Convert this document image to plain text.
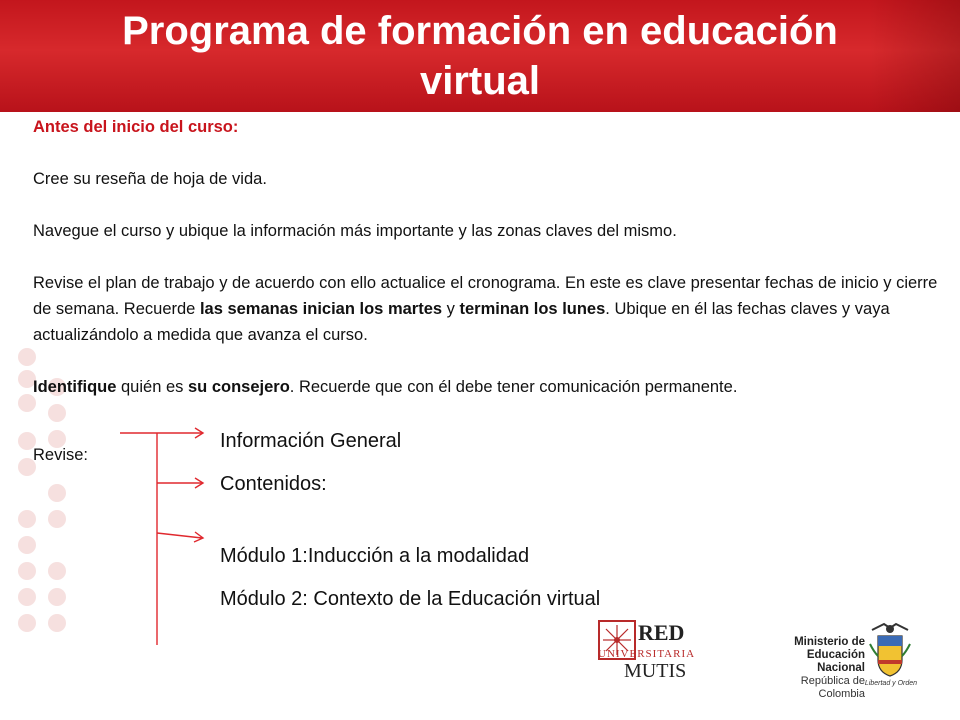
Programa de formación en educación
virtual

Antes del inicio del curso:

Cree su reseña de hoja de vida.

Navegue el curso y ubique la información más importante y las zonas claves del mismo.

Revise el plan de trabajo y de acuerdo con ello actualice el cronograma. En este es clave presentar fechas de inicio y cierre de semana. Recuerde las semanas inician los martes y terminan los lunes. Ubique en él las fechas claves y vaya actualizándolo a medida que avanza el curso.

Identifique quién es su consejero. Recuerde que con él debe tener comunicación permanente.

Revise:
Información General
Contenidos:
Módulo 1:Inducción a la modalidad
Módulo 2: Contexto de la Educación virtual
RED
UNIVERSITARIA
MUTIS
Ministerio de
Educación Nacional
República de Colombia
Libertad y Orden
